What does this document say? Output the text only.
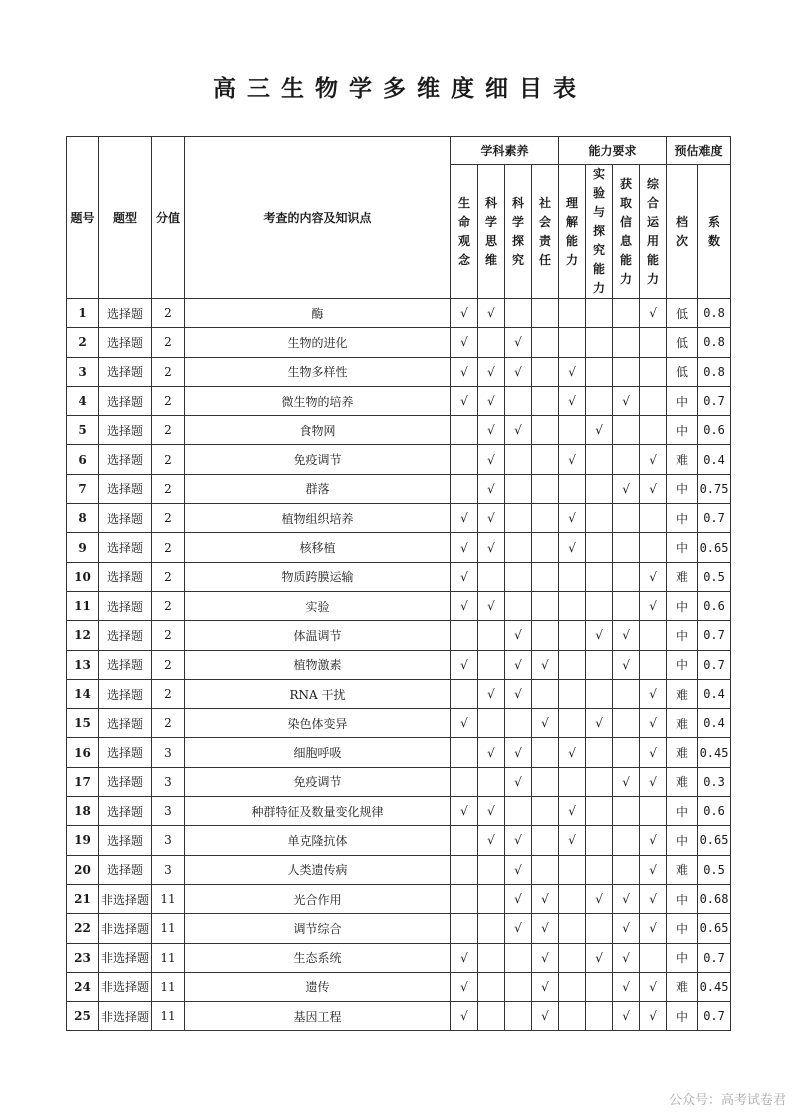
高三生物学多维度细目表
题号	题型	分值	考查的内容及知识点	学科素养				能力要求				预估难度	
				生命观念	科学思维	科学探究	社会责任	理解能力	实验与探究能力	获取信息能力	综合运用能力	档次	系数
1	选择题	2	酶	√	√						√	低	0.8
2	选择题	2	生物的进化	√		√						低	0.8
3	选择题	2	生物多样性	√	√	√		√				低	0.8
4	选择题	2	微生物的培养	√	√			√		√		中	0.7
5	选择题	2	食物网		√	√			√			中	0.6
6	选择题	2	免疫调节		√			√			√	难	0.4
7	选择题	2	群落		√					√	√	中	0.75
8	选择题	2	植物组织培养	√	√			√				中	0.7
9	选择题	2	核移植	√	√			√				中	0.65
10	选择题	2	物质跨膜运输	√							√	难	0.5
11	选择题	2	实验	√	√						√	中	0.6
12	选择题	2	体温调节			√			√	√		中	0.7
13	选择题	2	植物激素	√		√	√			√		中	0.7
14	选择题	2	RNA 干扰		√	√					√	难	0.4
15	选择题	2	染色体变异	√			√		√		√	难	0.4
16	选择题	3	细胞呼吸		√	√		√			√	难	0.45
17	选择题	3	免疫调节			√				√	√	难	0.3
18	选择题	3	种群特征及数量变化规律	√	√			√				中	0.6
19	选择题	3	单克隆抗体		√	√		√			√	中	0.65
20	选择题	3	人类遗传病			√					√	难	0.5
21	非选择题	11	光合作用			√	√		√	√	√	中	0.68
22	非选择题	11	调节综合			√	√			√	√	中	0.65
23	非选择题	11	生态系统	√			√		√	√		中	0.7
24	非选择题	11	遗传	√			√			√	√	难	0.45
25	非选择题	11	基因工程	√			√			√	√	中	0.7
公众号：高考试卷君
